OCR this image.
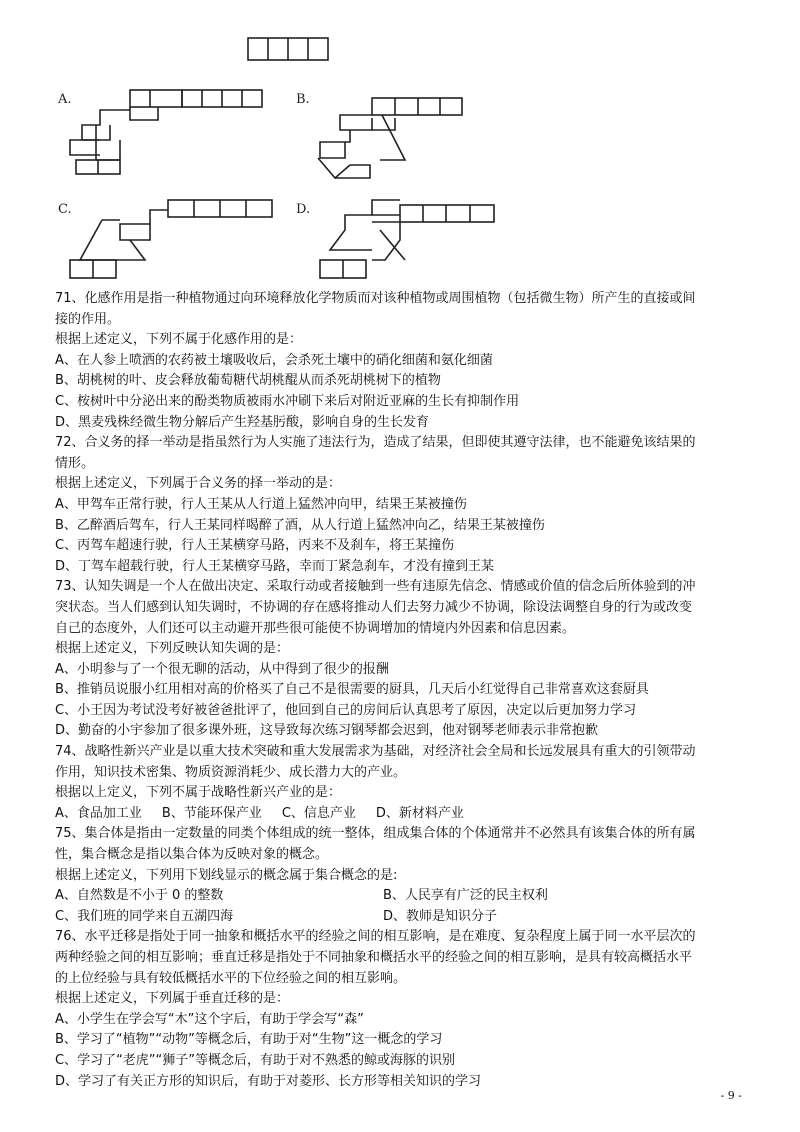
A.	B.
C.	D.
71、化感作用是指一种植物通过向环境释放化学物质而对该种植物或周围植物（包括微生物）所产生的直接或间
接的作用。
根据上述定义，下列不属于化感作用的是：
A、在人参上喷洒的农药被土壤吸收后，会杀死土壤中的硝化细菌和氨化细菌
B、胡桃树的叶、皮会释放葡萄糖代胡桃醌从而杀死胡桃树下的植物
C、桉树叶中分泌出来的酚类物质被雨水冲刷下来后对附近亚麻的生长有抑制作用
D、黑麦残株经微生物分解后产生羟基肟酸，影响自身的生长发育
72、合义务的择一举动是指虽然行为人实施了违法行为，造成了结果，但即使其遵守法律，也不能避免该结果的
情形。
根据上述定义，下列属于合义务的择一举动的是：
A、甲驾车正常行驶，行人王某从人行道上猛然冲向甲，结果王某被撞伤
B、乙醉酒后驾车，行人王某同样喝醉了酒，从人行道上猛然冲向乙，结果王某被撞伤
C、丙驾车超速行驶，行人王某横穿马路，丙来不及刹车，将王某撞伤
D、丁驾车超载行驶，行人王某横穿马路，幸而丁紧急刹车，才没有撞到王某
73、认知失调是一个人在做出决定、采取行动或者接触到一些有违原先信念、情感或价值的信念后所体验到的冲
突状态。当人们感到认知失调时，不协调的存在感将推动人们去努力减少不协调，除设法调整自身的行为或改变
自己的态度外，人们还可以主动避开那些很可能使不协调增加的情境内外因素和信息因素。
根据上述定义，下列反映认知失调的是：
A、小明参与了一个很无聊的活动，从中得到了很少的报酬
B、推销员说服小红用相对高的价格买了自己不是很需要的厨具，几天后小红觉得自己非常喜欢这套厨具
C、小王因为考试没考好被爸爸批评了，他回到自己的房间后认真思考了原因，决定以后更加努力学习
D、勤奋的小宇参加了很多课外班，这导致每次练习钢琴都会迟到，他对钢琴老师表示非常抱歉
74、战略性新兴产业是以重大技术突破和重大发展需求为基础，对经济社会全局和长远发展具有重大的引领带动
作用，知识技术密集、物质资源消耗少、成长潜力大的产业。
根据以上定义，下列不属于战略性新兴产业的是：
A、食品加工业 B、节能环保产业 C、信息产业 D、新材料产业
75、集合体是指由一定数量的同类个体组成的统一整体，组成集合体的个体通常并不必然具有该集合体的所有属
性，集合概念是指以集合体为反映对象的概念。
根据上述定义，下列用下划线显示的概念属于集合概念的是:
A、自然数是不小于 0 的整数	B、人民享有广泛的民主权利
C、我们班的同学来自五湖四海	D、教师是知识分子
76、水平迁移是指处于同一抽象和概括水平的经验之间的相互影响，是在难度、复杂程度上属于同一水平层次的
两种经验之间的相互影响；垂直迁移是指处于不同抽象和概括水平的经验之间的相互影响，是具有较高概括水平
的上位经验与具有较低概括水平的下位经验之间的相互影响。
根据上述定义，下列属于垂直迁移的是：
A、小学生在学会写“木”这个字后，有助于学会写“森”
B、学习了“植物”“动物”等概念后，有助于对“生物”这一概念的学习
C、学习了“老虎”“狮子”等概念后，有助于对不熟悉的鲸或海豚的识别
D、学习了有关正方形的知识后，有助于对菱形、长方形等相关知识的学习
- 9 -
